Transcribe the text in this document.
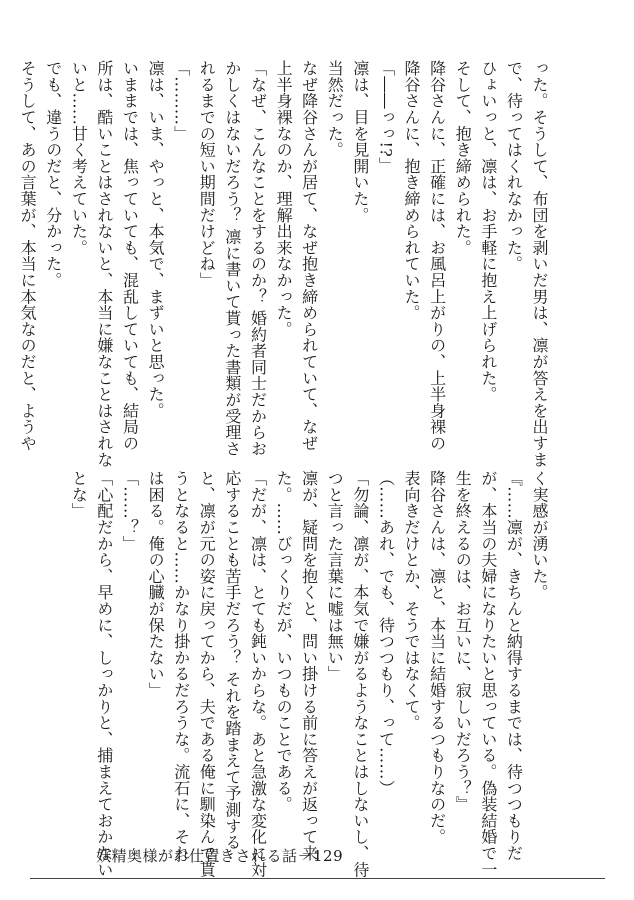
った。そうして、布団を剥いだ男は、凛が答えを出すま
で、待ってはくれなかった。
ひょいっと、凛は、お手軽に抱え上げられた。
そして、抱き締められた。
降谷さんに、正確には、お風呂上がりの、上半身裸の
降谷さんに、抱き締められていた。
「――っっ!?」
凛は、目を見開いた。
当然だった。
なぜ降谷さんが居て、なぜ抱き締められていて、なぜ
上半身裸なのか、理解出来なかった。
「なぜ、こんなことをするのか？ 婚約者同士だからお
かしくはないだろう？ 凛に書いて貰った書類が受理さ
れるまでの短い期間だけどね」
「………」
凛は、いま、やっと、本気で、まずいと思った。
いままでは、焦っていても、混乱していても、結局の
所は、酷いことはされないと、本当に嫌なことはされな
いと……甘く考えていた。
でも、違うのだと、分かった。
そうして、あの言葉が、本当に本気なのだと、ようや
く実感が湧いた。
『……凛が、きちんと納得するまでは、待つつもりだ
が、本当の夫婦になりたいと思っている。偽装結婚で一
生を終えるのは、お互いに、寂しいだろう？』
降谷さんは、凛と、本当に結婚するつもりなのだ。
表向きだけとか、そうではなくて。
（……あれ、でも、待つつもり、って……）
「勿論、凛が、本気で嫌がるようなことはしないし、待
つと言った言葉に嘘は無い」
凛が、疑問を抱くと、問い掛ける前に答えが返って来
た。……びっくりだが、いつものことである。
「だが、凛は、とても鈍いからな。あと急激な変化に対
応することも苦手だろう？ それを踏まえて予測する
と、凛が元の姿に戻ってから、夫である俺に馴染んで貰
うとなると……かなり掛かるだろうな。流石に、それ
は困る。俺の心臓が保たない」
「……？」
「心配だから、早めに、しっかりと、捕まえておかない
とな」
妖精奥様がお仕置きされる話－129
